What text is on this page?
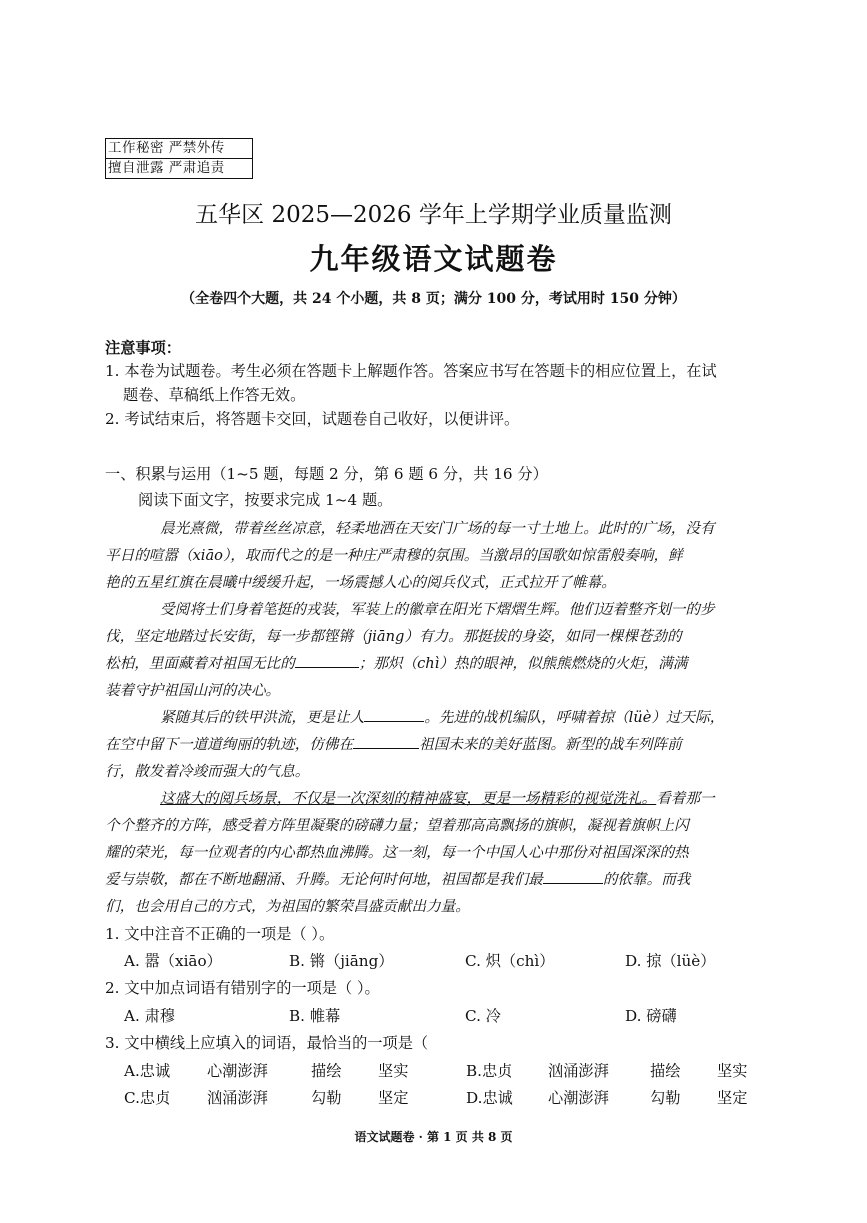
工作秘密 严禁外传
擅自泄露 严肃追责
五华区 2025—2026 学年上学期学业质量监测
九年级语文试题卷
（全卷四个大题，共 24 个小题，共 8 页；满分 100 分，考试用时 150 分钟）
注意事项：
1. 本卷为试题卷。考生必须在答题卡上解题作答。答案应书写在答题卡的相应位置上，在试
题卷、草稿纸上作答无效。
2. 考试结束后，将答题卡交回，试题卷自己收好，以便讲评。
一、积累与运用（1~5 题，每题 2 分，第 6 题 6 分，共 16 分）
阅读下面文字，按要求完成 1~4 题。
晨光熹微，带着丝丝凉意，轻柔地洒在天安门广场的每一寸土地上。此时的广场，没有
平日的喧嚣（xiāo），取而代之的是一种庄严肃穆的氛围。当激昂的国歌如惊雷般奏响，鲜
艳的五星红旗在晨曦中缓缓升起，一场震撼人心的阅兵仪式，正式拉开了帷幕。
受阅将士们身着笔挺的戎装，军装上的徽章在阳光下熠熠生辉。他们迈着整齐划一的步
伐，坚定地踏过长安街，每一步都铿锵（jiāng）有力。那挺拔的身姿，如同一棵棵苍劲的
松柏，里面藏着对祖国无比的	；那炽（chì）热的眼神，似熊熊燃烧的火炬，满满
装着守护祖国山河的决心。
紧随其后的铁甲洪流，更是让人	。先进的战机编队，呼啸着掠（lüè）过天际，
在空中留下一道道绚丽的轨迹，仿佛在	祖国未来的美好蓝图。新型的战车列阵前
行，散发着冷竣而强大的气息。
这盛大的阅兵场景，不仅是一次深刻的精神盛宴，更是一场精彩的视觉洗礼。看着那一
个个整齐的方阵，感受着方阵里凝聚的磅礴力量；望着那高高飘扬的旗帜，凝视着旗帜上闪
耀的荣光，每一位观者的内心都热血沸腾。这一刻，每一个中国人心中那份对祖国深深的热
爱与崇敬，都在不断地翻涌、升腾。无论何时何地，祖国都是我们最	的依靠。而我
们，也会用自己的方式，为祖国的繁荣昌盛贡献出力量。
1. 文中注音不正确的一项是（ ）。
A. 嚣（xiāo）	B. 锵（jiāng）	C. 炽（chì）	D. 掠（lüè）
2. 文中加点词语有错别字的一项是（ ）。
A. 肃穆	B. 帷幕	C. 冷	D. 磅礴
3. 文中横线上应填入的词语，最恰当的一项是（
A.忠诚 心潮澎湃	描绘 坚实	B.忠贞 汹涌澎湃	描绘 坚实
C.忠贞 汹涌澎湃	勾勒 坚定	D.忠诚 心潮澎湃	勾勒 坚定
语文试题卷 · 第 1 页 共 8 页
